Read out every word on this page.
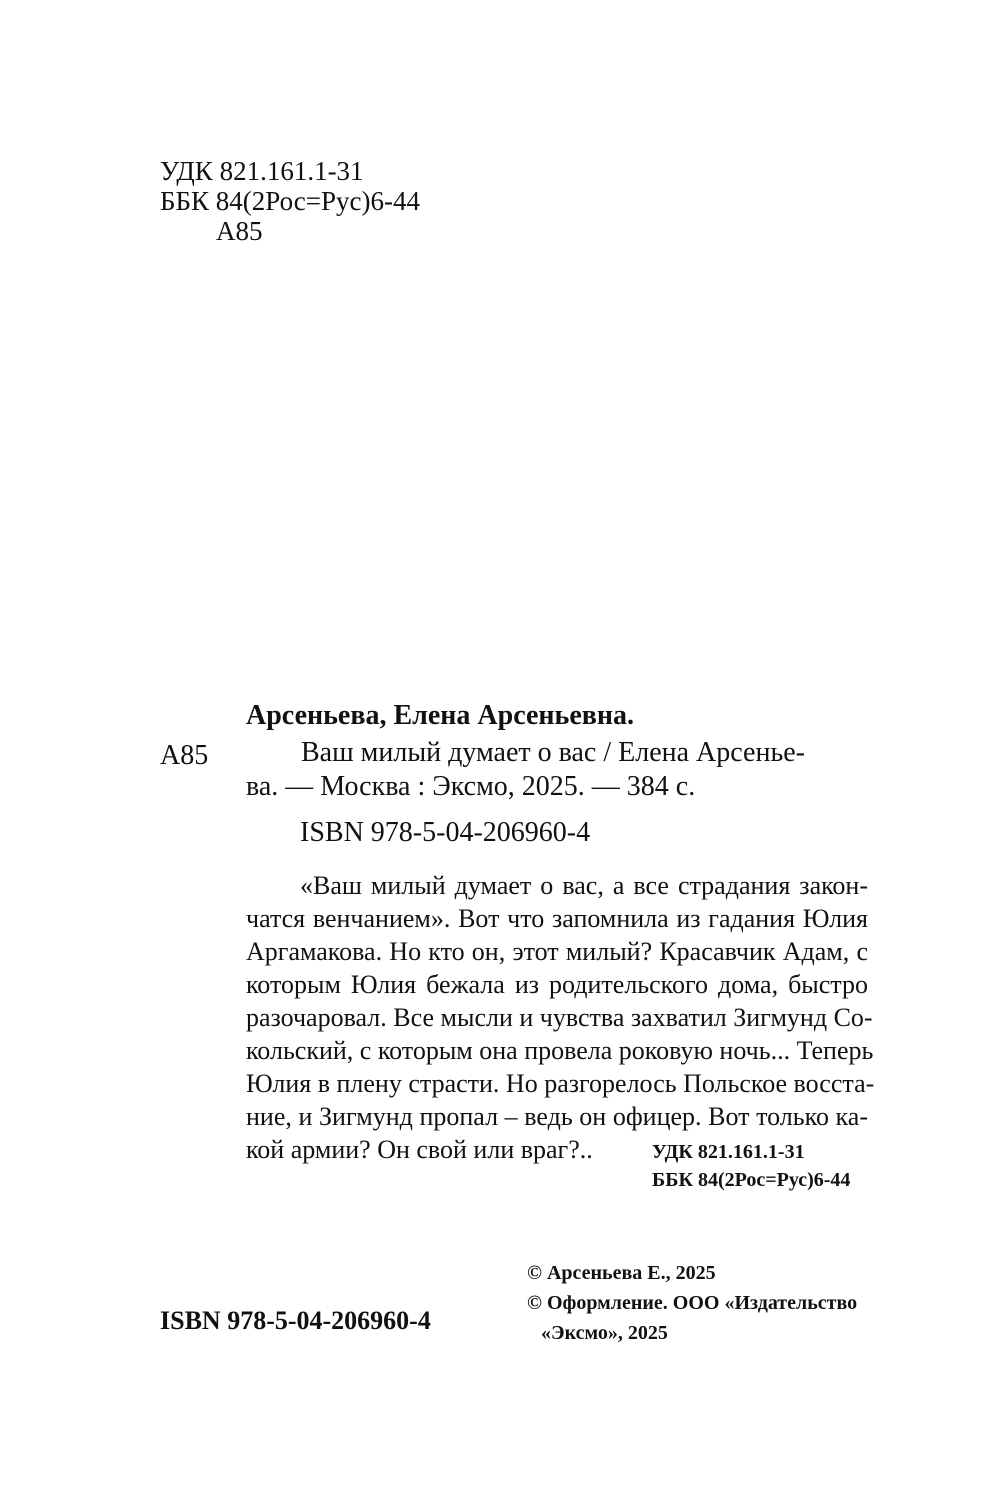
УДК 821.161.1-31
ББК 84(2Рос=Рус)6-44
А85
Арсеньева, Елена Арсеньевна.
А85	Ваш милый думает о вас / Елена Арсенье-
ва. — Москва : Эксмо, 2025. — 384 с.
ISBN 978-5-04-206960-4
«Ваш милый думает о вас, а все страдания закон-
чатся венчанием». Вот что запомнила из гадания Юлия
Аргамакова. Но кто он, этот милый? Красавчик Адам, с
которым Юлия бежала из родительского дома, быстро
разочаровал. Все мысли и чувства захватил Зигмунд Со-
кольский, с которым она провела роковую ночь... Теперь
Юлия в плену страсти. Но разгорелось Польское восста-
ние, и Зигмунд пропал – ведь он офицер. Вот только ка-
кой армии? Он свой или враг?..	УДК 821.161.1-31
ББК 84(2Рос=Рус)6-44
ISBN 978-5-04-206960-4
© Арсеньева Е., 2025
© Оформление. ООО «Издательство
«Эксмо», 2025
